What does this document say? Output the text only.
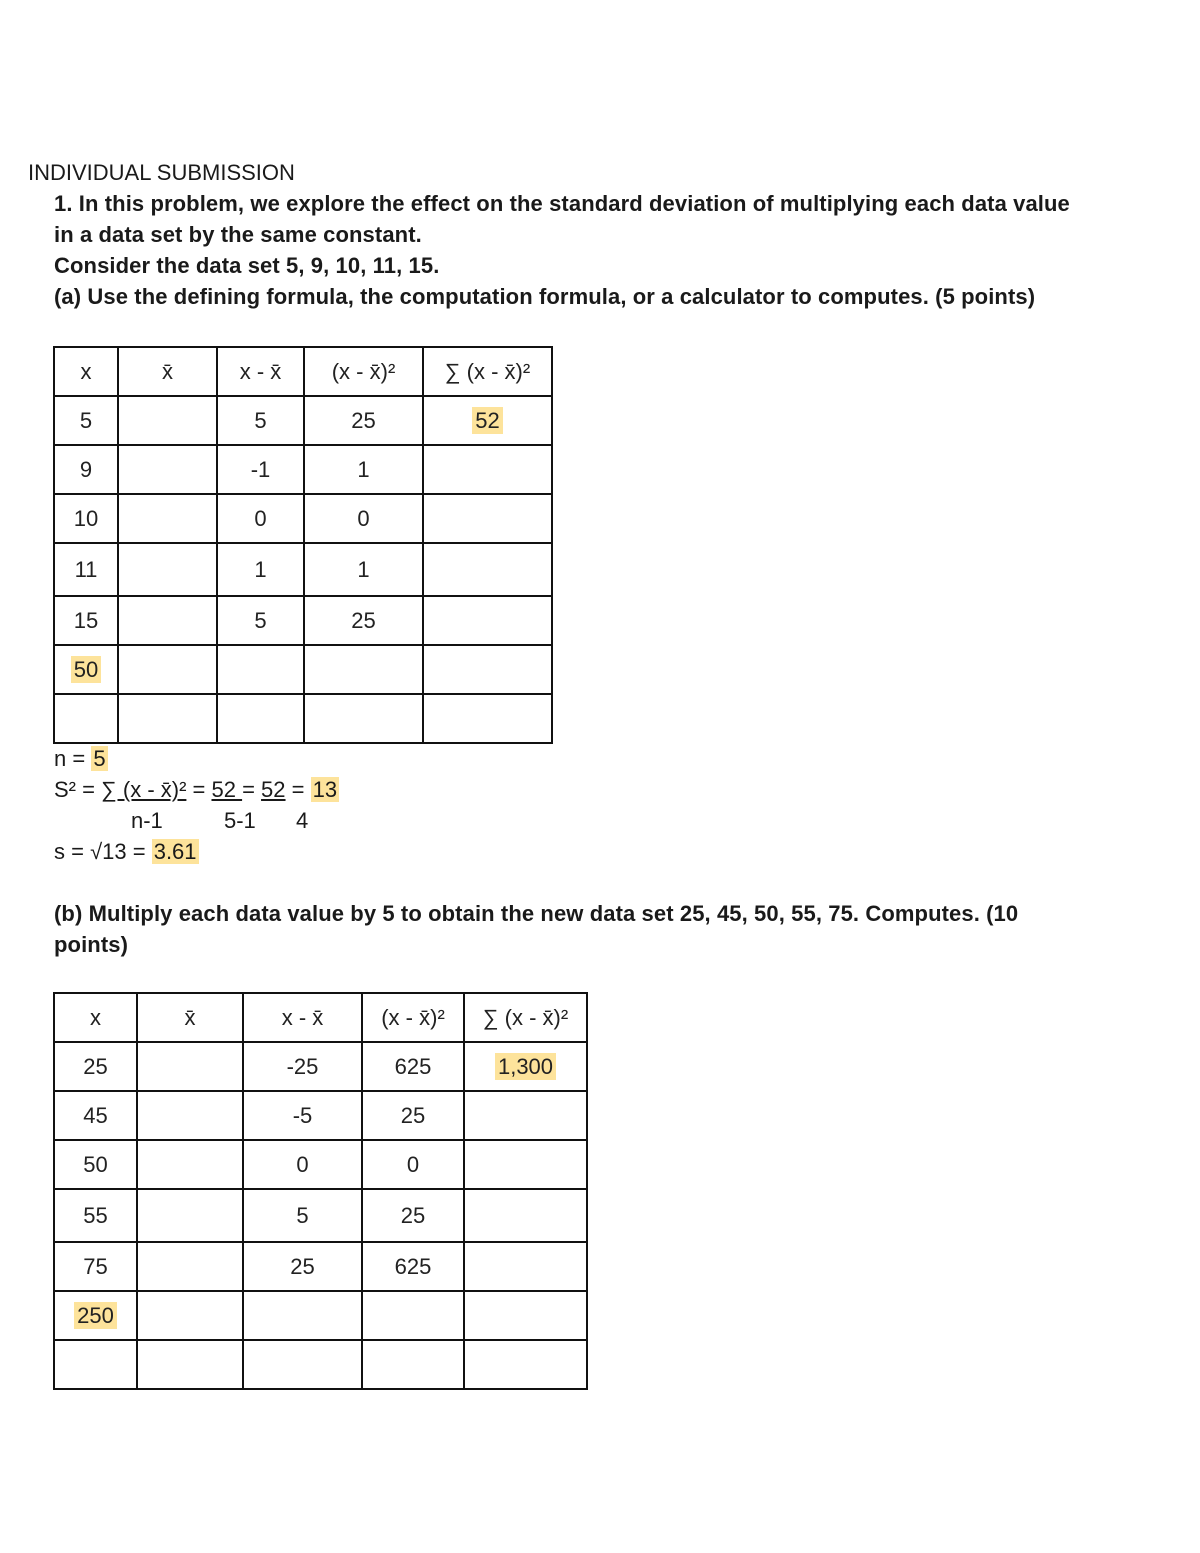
INDIVIDUAL SUBMISSION
1. In this problem, we explore the effect on the standard deviation of multiplying each data value
in a data set by the same constant.
Consider the data set 5, 9, 10, 11, 15.
(a) Use the defining formula, the computation formula, or a calculator to computes. (5 points)
x	x̄	x - x̄	(x - x̄)²	∑ (x - x̄)²
5		5	25	52
9		-1	1	
10		0	0	
11		1	1	
15		5	25	
50				

n = 5
S² = ∑ (x - x̄)² = 52 = 52 = 13
n-1	5-1 4
s = √13 = 3.61
(b) Multiply each data value by 5 to obtain the new data set 25, 45, 50, 55, 75. Computes. (10
points)
x	x̄	x - x̄	(x - x̄)²	∑ (x - x̄)²
25		-25	625	1,300
45		-5	25	
50		0	0	
55		5	25	
75		25	625	
250				
